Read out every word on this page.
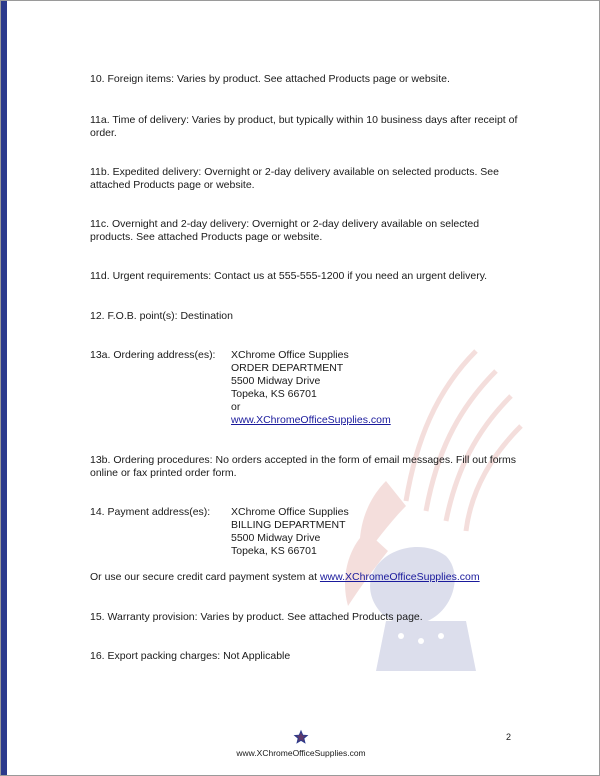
10. Foreign items: Varies by product. See attached Products page or website.

11a. Time of delivery: Varies by product, but typically within 10 business days after receipt of order.

11b. Expedited delivery: Overnight or 2-day delivery available on selected products. See attached Products page or website.

11c. Overnight and 2-day delivery: Overnight or 2-day delivery available on selected products. See attached Products page or website.

11d. Urgent requirements: Contact us at 555-555-1200 if you need an urgent delivery.

12. F.O.B. point(s): Destination

13a. Ordering address(es): XChrome Office Supplies
ORDER DEPARTMENT
5500 Midway Drive
Topeka, KS 66701
or
www.XChromeOfficeSupplies.com

13b. Ordering procedures: No orders accepted in the form of email messages. Fill out forms online or fax printed order form.

14. Payment address(es): XChrome Office Supplies
BILLING DEPARTMENT
5500 Midway Drive
Topeka, KS 66701

Or use our secure credit card payment system at www.XChromeOfficeSupplies.com

15. Warranty provision: Varies by product. See attached Products page.

16. Export packing charges: Not Applicable

www.XChromeOfficeSupplies.com
2
